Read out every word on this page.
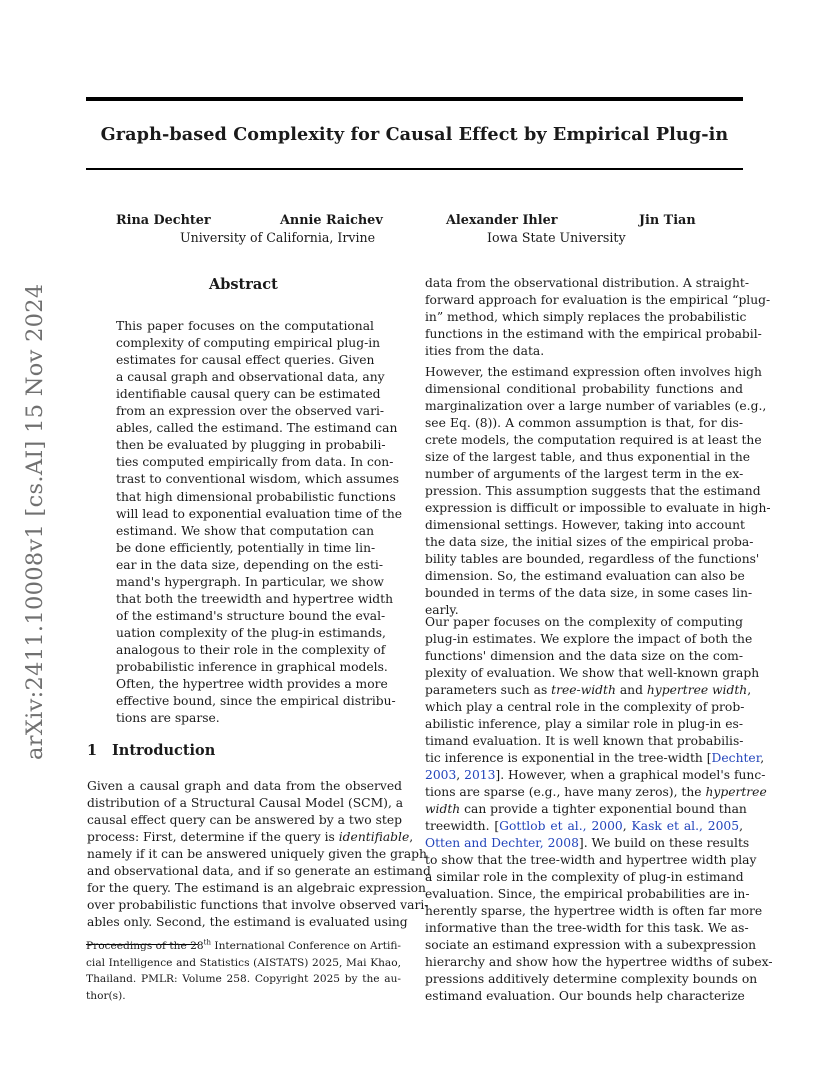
arXiv:2411.10008v1 [cs.AI] 15 Nov 2024
Graph-based Complexity for Causal Effect by Empirical Plug-in
Rina Dechter	Annie Raichev	Alexander Ihler	Jin Tian
University of California, Irvine	Iowa State University
Abstract
This paper focuses on the computational
complexity of computing empirical plug-in
estimates for causal effect queries. Given
a causal graph and observational data, any
identifiable causal query can be estimated
from an expression over the observed vari-
ables, called the estimand. The estimand can
then be evaluated by plugging in probabili-
ties computed empirically from data. In con-
trast to conventional wisdom, which assumes
that high dimensional probabilistic functions
will lead to exponential evaluation time of the
estimand. We show that computation can
be done efficiently, potentially in time lin-
ear in the data size, depending on the esti-
mand's hypergraph. In particular, we show
that both the treewidth and hypertree width
of the estimand's structure bound the eval-
uation complexity of the plug-in estimands,
analogous to their role in the complexity of
probabilistic inference in graphical models.
Often, the hypertree width provides a more
effective bound, since the empirical distribu-
tions are sparse.
1 Introduction
Given a causal graph and data from the observed
distribution of a Structural Causal Model (SCM), a
causal effect query can be answered by a two step
process: First, determine if the query is identifiable,
namely if it can be answered uniquely given the graph
and observational data, and if so generate an estimand
for the query. The estimand is an algebraic expression
over probabilistic functions that involve observed vari-
ables only. Second, the estimand is evaluated using
Proceedings of the 28th International Conference on Artifi-
cial Intelligence and Statistics (AISTATS) 2025, Mai Khao,
Thailand. PMLR: Volume 258. Copyright 2025 by the au-
thor(s).
data from the observational distribution. A straight-
forward approach for evaluation is the empirical “plug-
in” method, which simply replaces the probabilistic
functions in the estimand with the empirical probabil-
ities from the data.
However, the estimand expression often involves high
dimensional conditional probability functions and
marginalization over a large number of variables (e.g.,
see Eq. (8)). A common assumption is that, for dis-
crete models, the computation required is at least the
size of the largest table, and thus exponential in the
number of arguments of the largest term in the ex-
pression. This assumption suggests that the estimand
expression is difficult or impossible to evaluate in high-
dimensional settings. However, taking into account
the data size, the initial sizes of the empirical proba-
bility tables are bounded, regardless of the functions'
dimension. So, the estimand evaluation can also be
bounded in terms of the data size, in some cases lin-
early.
Our paper focuses on the complexity of computing
plug-in estimates. We explore the impact of both the
functions' dimension and the data size on the com-
plexity of evaluation. We show that well-known graph
parameters such as tree-width and hypertree width,
which play a central role in the complexity of prob-
abilistic inference, play a similar role in plug-in es-
timand evaluation. It is well known that probabilis-
tic inference is exponential in the tree-width [Dechter,
2003, 2013]. However, when a graphical model's func-
tions are sparse (e.g., have many zeros), the hypertree
width can provide a tighter exponential bound than
treewidth. [Gottlob et al., 2000, Kask et al., 2005,
Otten and Dechter, 2008]. We build on these results
to show that the tree-width and hypertree width play
a similar role in the complexity of plug-in estimand
evaluation. Since, the empirical probabilities are in-
herently sparse, the hypertree width is often far more
informative than the tree-width for this task. We as-
sociate an estimand expression with a subexpression
hierarchy and show how the hypertree widths of subex-
pressions additively determine complexity bounds on
estimand evaluation. Our bounds help characterize
